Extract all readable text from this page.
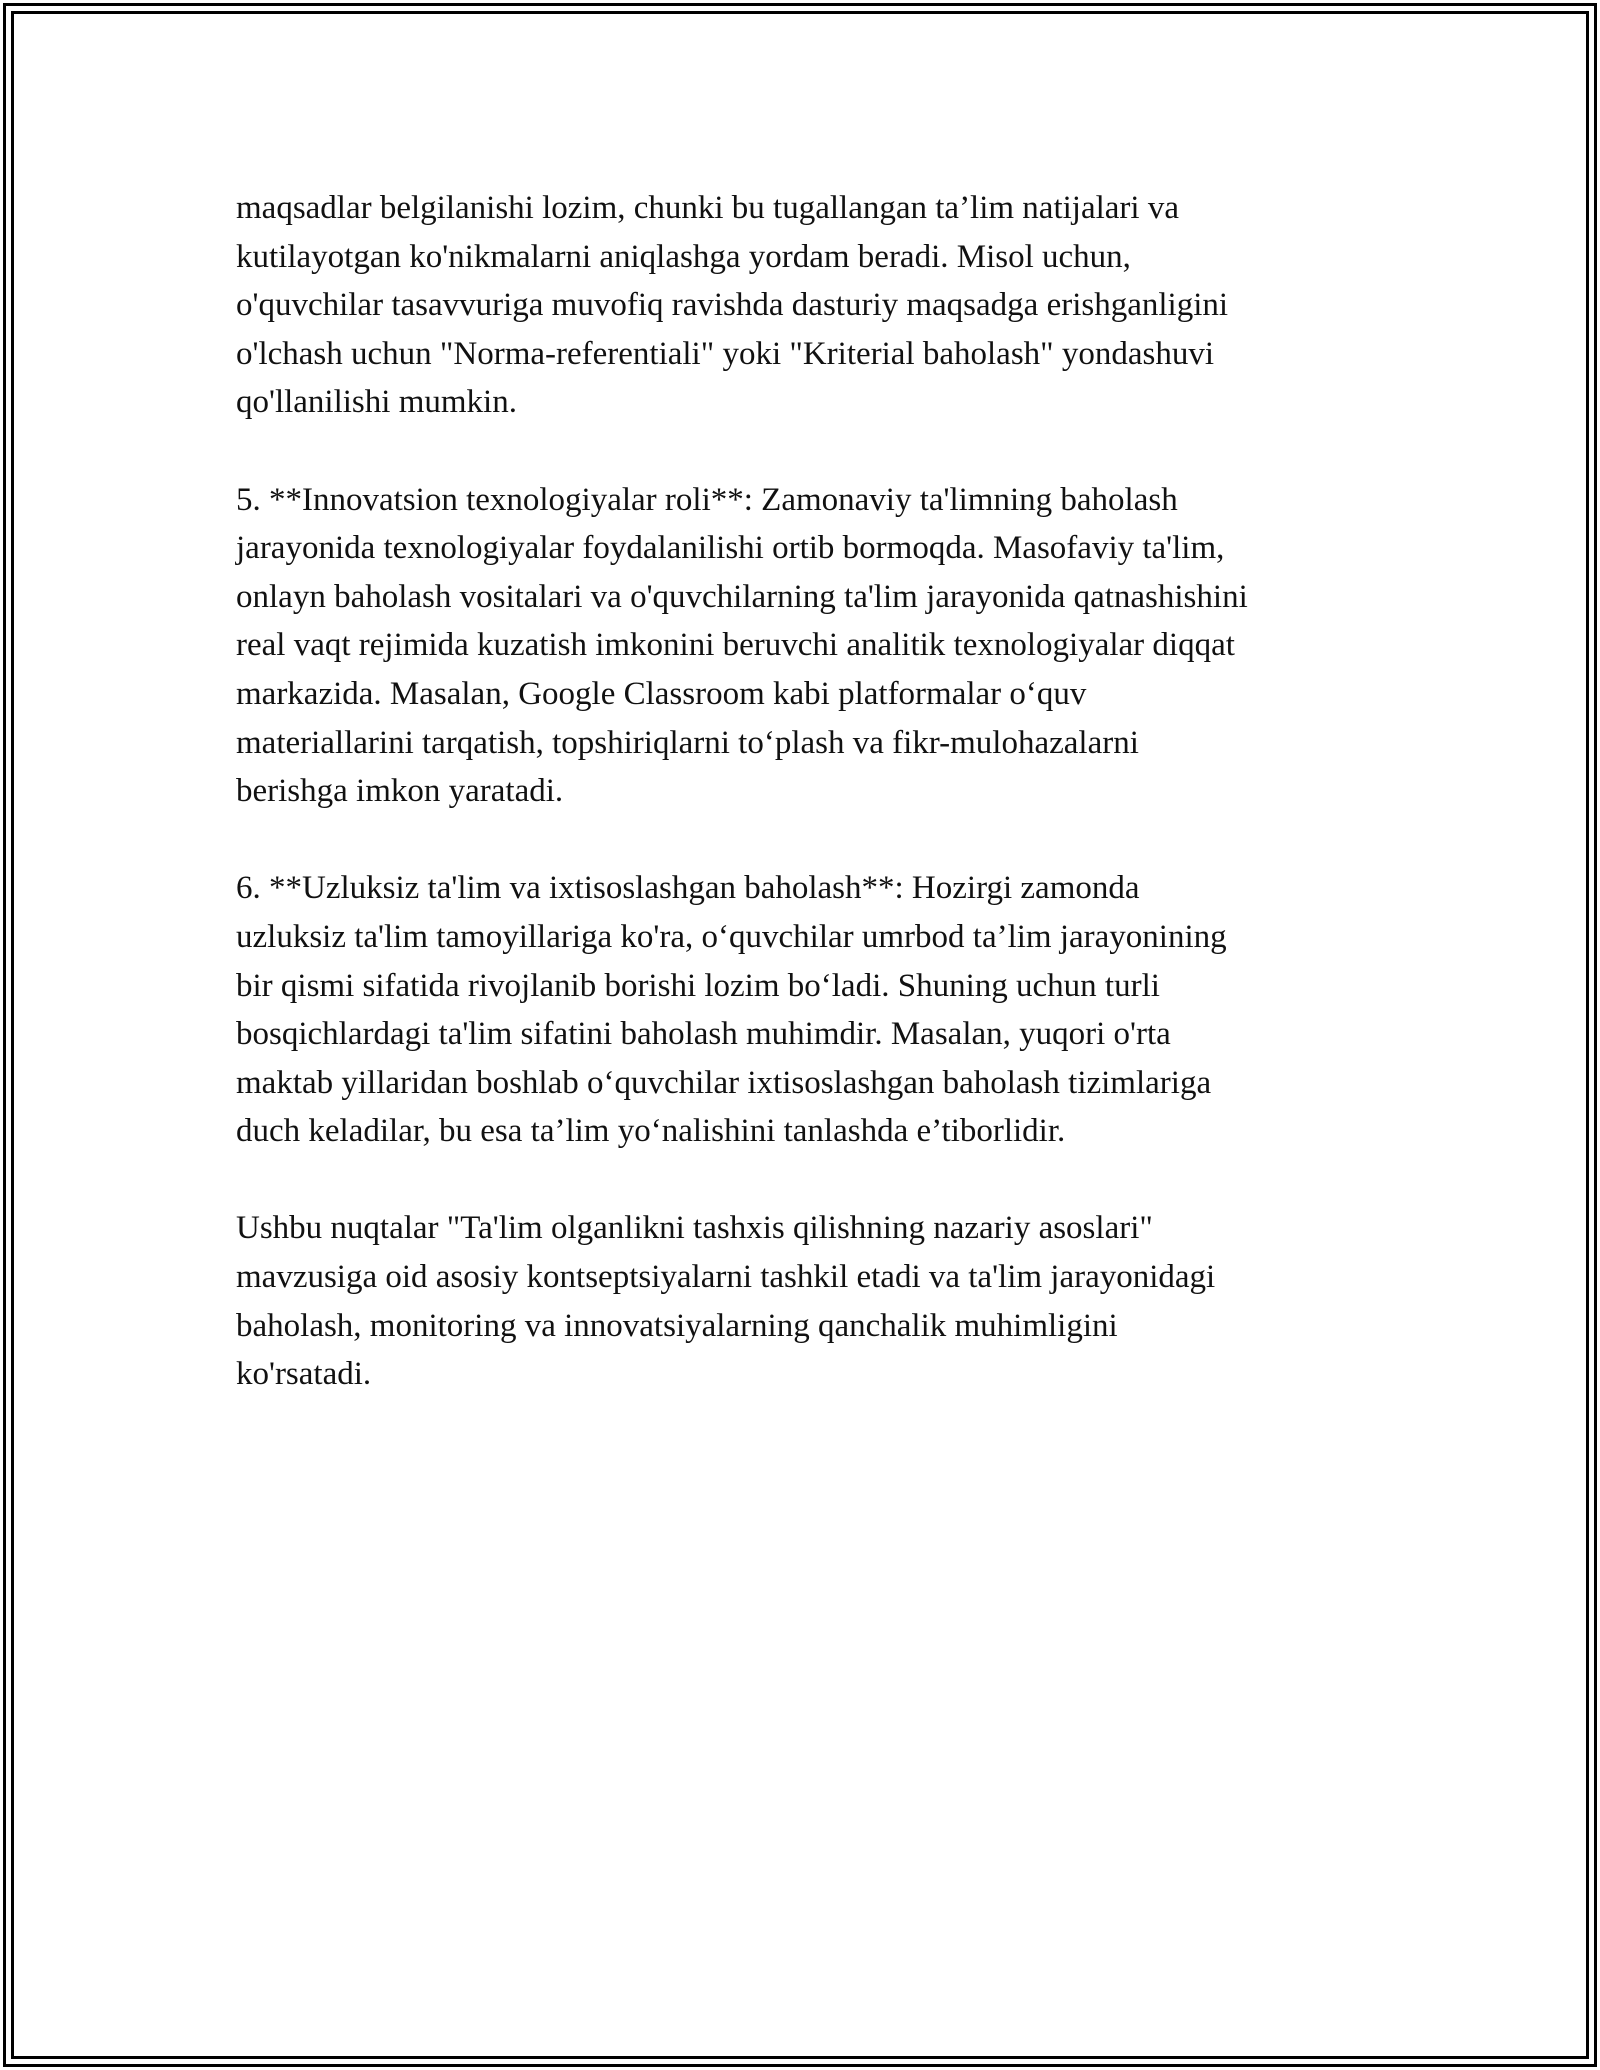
maqsadlar belgilanishi lozim, chunki bu tugallangan ta’lim natijalari va
kutilayotgan ko'nikmalarni aniqlashga yordam beradi. Misol uchun,
o'quvchilar tasavvuriga muvofiq ravishda dasturiy maqsadga erishganligini
o'lchash uchun "Norma-referentiali" yoki "Kriterial baholash" yondashuvi
qo'llanilishi mumkin.

5. **Innovatsion texnologiyalar roli**: Zamonaviy ta'limning baholash
jarayonida texnologiyalar foydalanilishi ortib bormoqda. Masofaviy ta'lim,
onlayn baholash vositalari va o'quvchilarning ta'lim jarayonida qatnashishini
real vaqt rejimida kuzatish imkonini beruvchi analitik texnologiyalar diqqat
markazida. Masalan, Google Classroom kabi platformalar o‘quv
materiallarini tarqatish, topshiriqlarni to‘plash va fikr-mulohazalarni
berishga imkon yaratadi.

6. **Uzluksiz ta'lim va ixtisoslashgan baholash**: Hozirgi zamonda
uzluksiz ta'lim tamoyillariga ko'ra, o‘quvchilar umrbod ta’lim jarayonining
bir qismi sifatida rivojlanib borishi lozim bo‘ladi. Shuning uchun turli
bosqichlardagi ta'lim sifatini baholash muhimdir. Masalan, yuqori o'rta
maktab yillaridan boshlab o‘quvchilar ixtisoslashgan baholash tizimlariga
duch keladilar, bu esa ta’lim yo‘nalishini tanlashda e’tiborlidir.

Ushbu nuqtalar "Ta'lim olganlikni tashxis qilishning nazariy asoslari"
mavzusiga oid asosiy kontseptsiyalarni tashkil etadi va ta'lim jarayonidagi
baholash, monitoring va innovatsiyalarning qanchalik muhimligini
ko'rsatadi.
